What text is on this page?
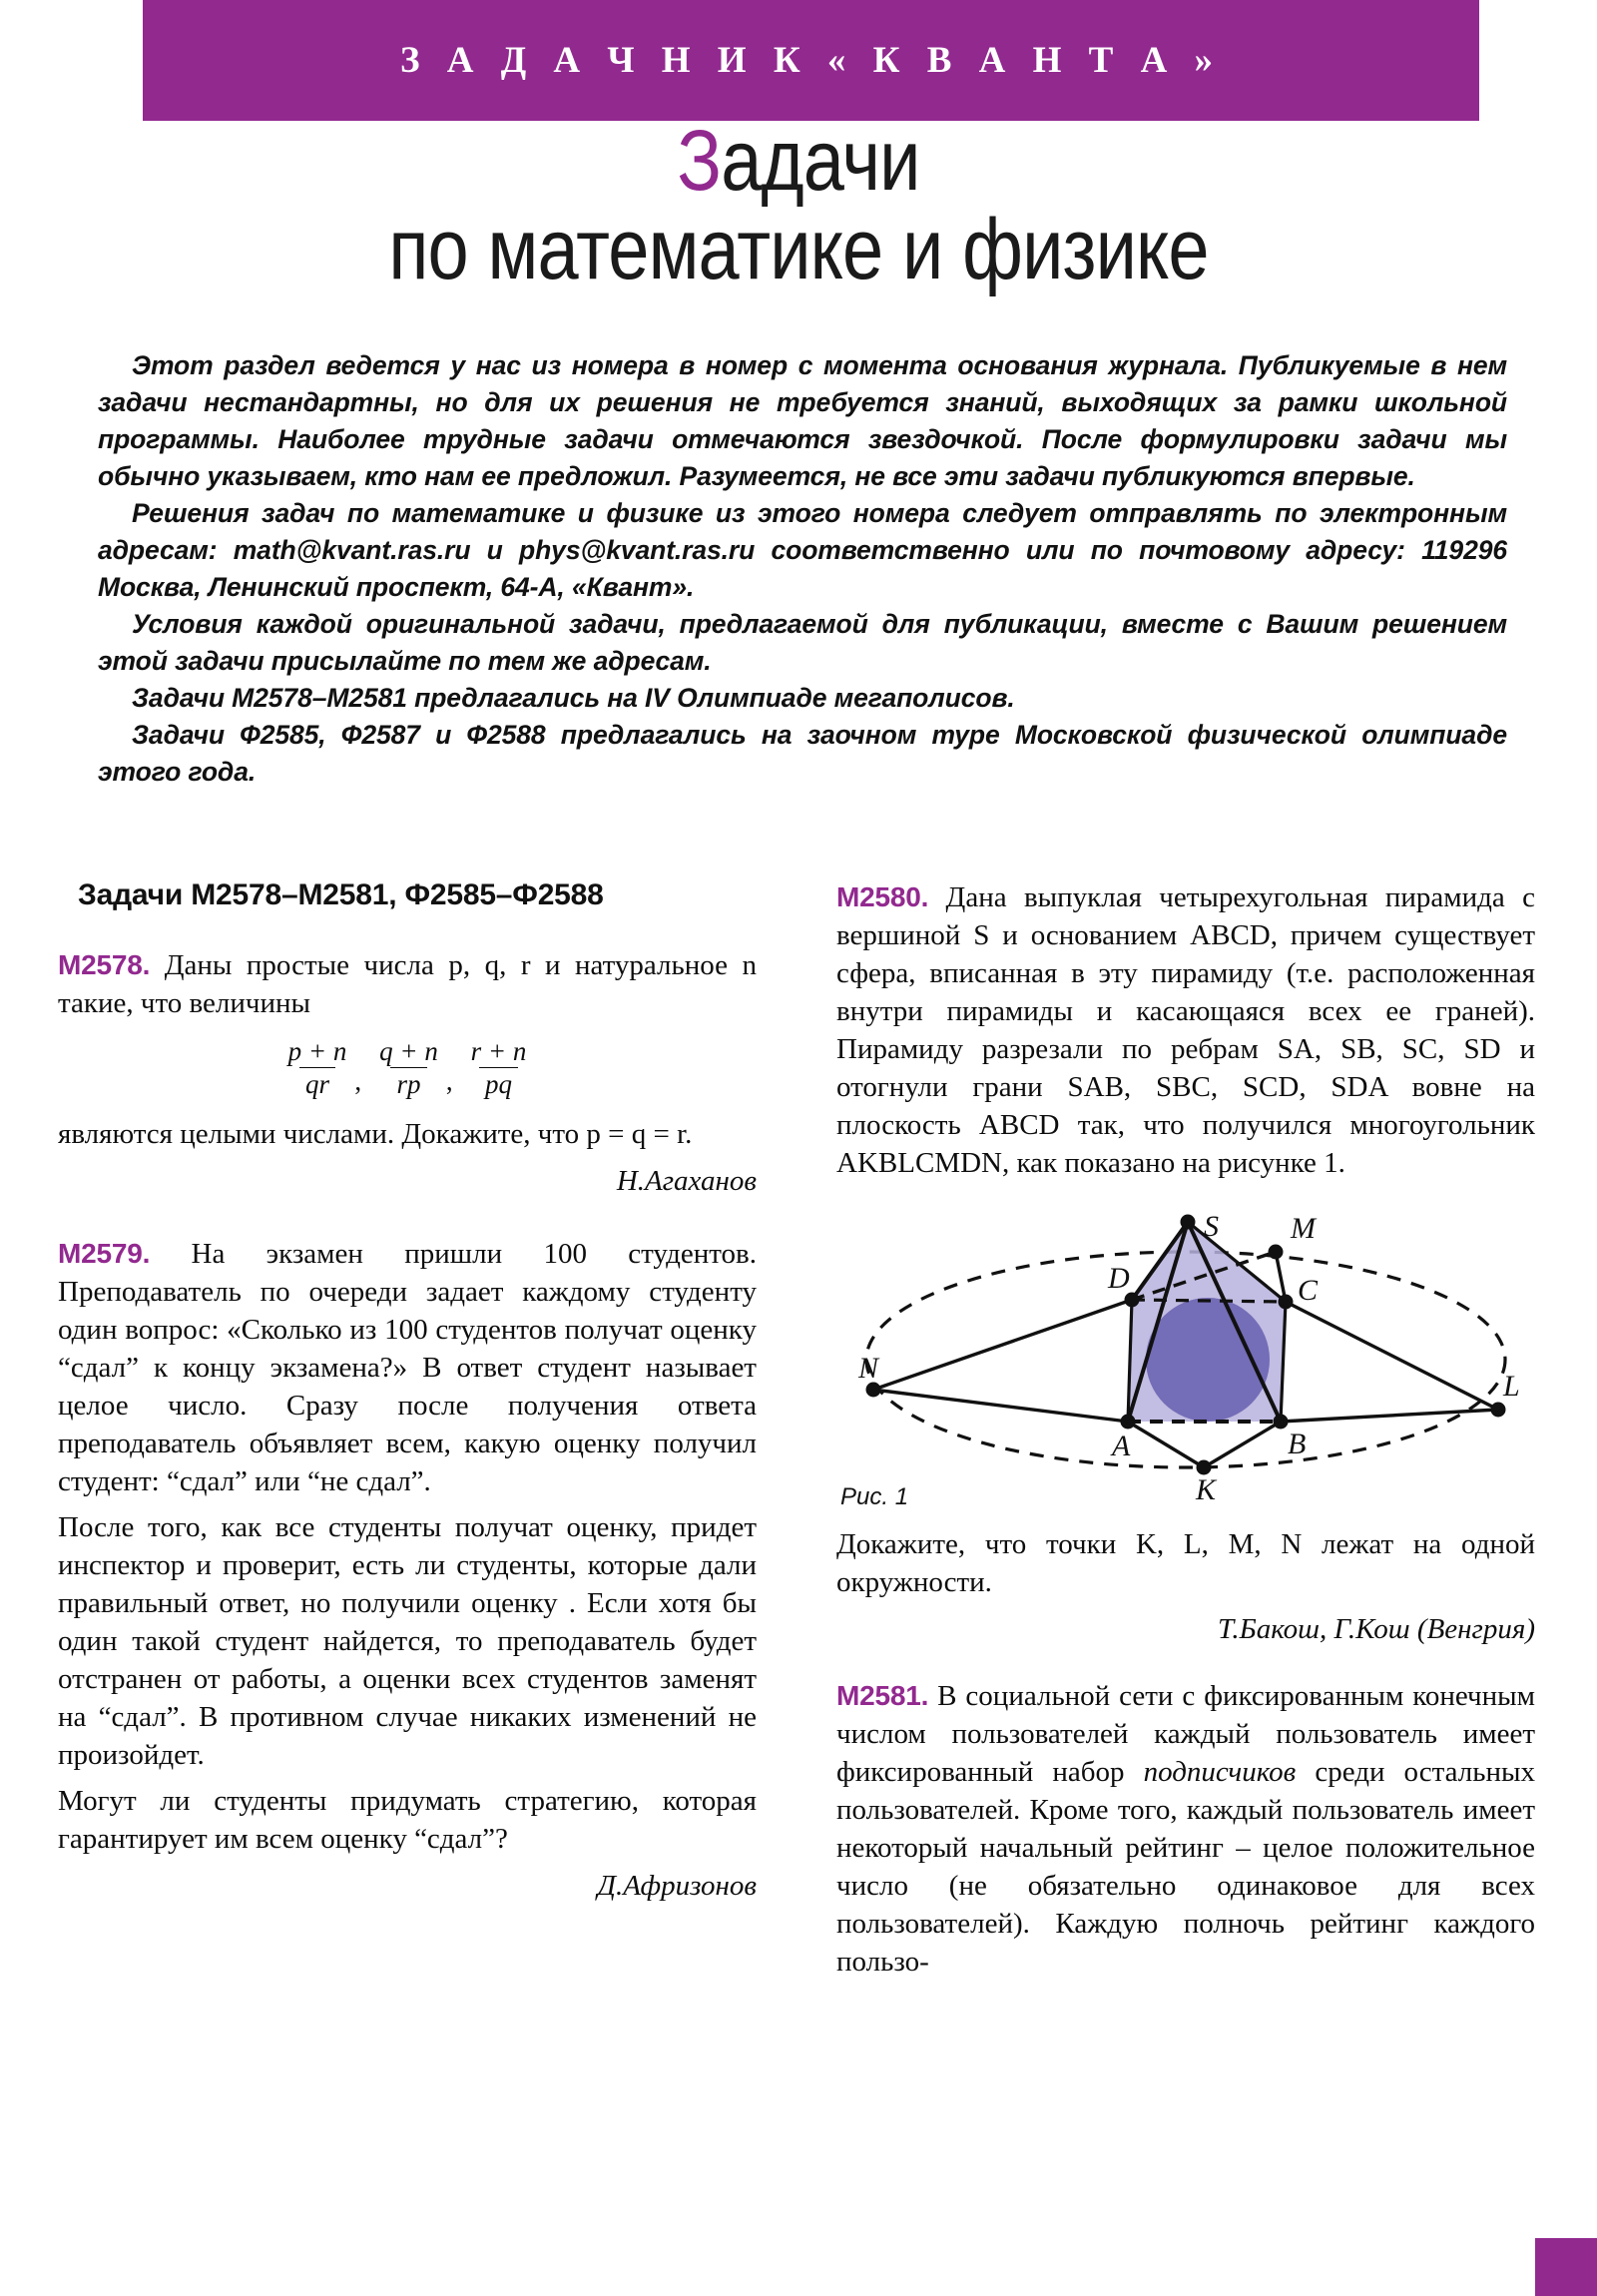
З А Д А Ч Н И К « К В А Н Т А »
Задачи
по математике и физике

Этот раздел ведется у нас из номера в номер с момента основания журнала. Публикуемые в нем задачи нестандартны, но для их решения не требуется знаний, выходящих за рамки школьной программы. Наиболее трудные задачи отмечаются звездочкой. После формулировки задачи мы обычно указываем, кто нам ее предложил. Разумеется, не все эти задачи публикуются впервые.

Решения задач по математике и физике из этого номера следует отправлять по электронным адресам: math@kvant.ras.ru и phys@kvant.ras.ru соответственно или по почтовому адресу: 119296 Москва, Ленинский проспект, 64-А, «Квант».

Условия каждой оригинальной задачи, предлагаемой для публикации, вместе с Вашим решением этой задачи присылайте по тем же адресам.

Задачи М2578–М2581 предлагались на IV Олимпиаде мегаполисов.

Задачи Ф2585, Ф2587 и Ф2588 предлагались на заочном туре Московской физической олимпиаде этого года.

Задачи М2578–М2581, Ф2585–Ф2588

M2578. Даны простые числа p, q, r и натуральное n такие, что величины

$\frac{p + n}{qr}$ , $\frac{q + n}{rp}$ , $\frac{r + n}{pq}$

являются целыми числами. Докажите, что p = q = r.

Н.Агаханов

M2579. На экзамен пришли 100 студентов. Преподаватель по очереди задает каждому студенту один вопрос: «Сколько из 100 студентов получат оценку “сдал” к концу экзамена?» В ответ студент называет целое число. Сразу после получения ответа преподаватель объявляет всем, какую оценку получил студент: “сдал” или “не сдал”.

После того, как все студенты получат оценку, придет инспектор и проверит, есть ли студенты, которые дали правильный ответ, но получили оценку . Если хотя бы один такой студент найдется, то преподаватель будет отстранен от работы, а оценки всех студентов заменят на “сдал”. В противном случае никаких изменений не произойдет.

Могут ли студенты придумать стратегию, которая гарантирует им всем оценку “сдал”?

Д.Афризонов

M2580. Дана выпуклая четырехугольная пирамида с вершиной S и основанием ABCD, причем существует сфера, вписанная в эту пирамиду (т.е. расположенная внутри пирамиды и касающаяся всех ее граней). Пирамиду разрезали по ребрам SA, SB, SC, SD и отогнули грани SAB, SBC, SCD, SDA вовне на плоскость ABCD так, что получился многоугольник AKBLCMDN, как показано на рисунке 1.

S M
C
L
B
K
A
N
D
Рис. 1

Докажите, что точки K, L, M, N лежат на одной окружности.

Т.Бакош, Г.Кош (Венгрия)

M2581. В социальной сети с фиксированным конечным числом пользователей каждый пользователь имеет фиксированный набор подписчиков среди остальных пользователей. Кроме того, каждый пользователь имеет некоторый начальный рейтинг – целое положительное число (не обязательно одинаковое для всех пользователей). Каждую полночь рейтинг каждого пользо-
